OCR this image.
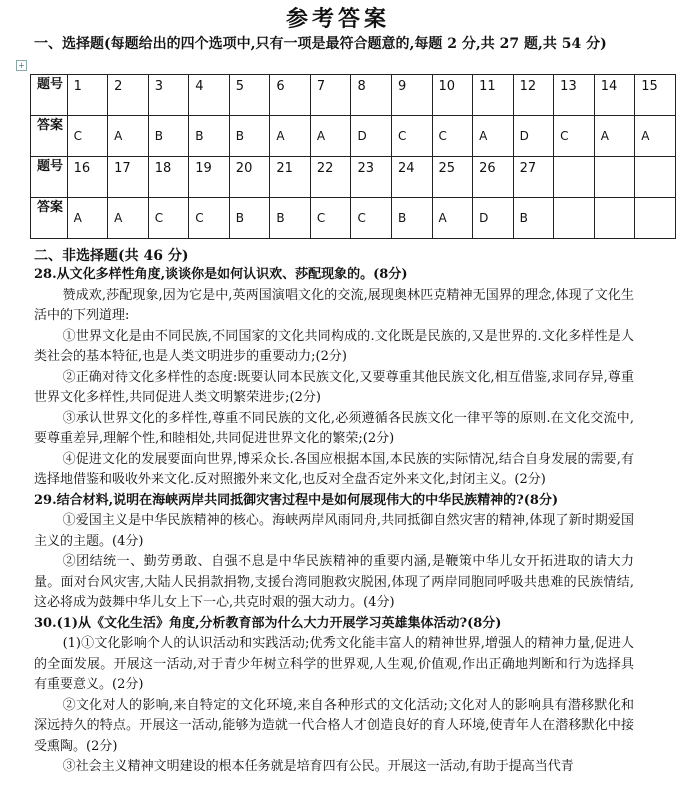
参考答案
一、选择题(每题给出的四个选项中,只有一项是最符合题意的,每题 2 分,共 27 题,共 54 分)
+
题号	1	2	3	4	5	6	7	8	9	10	11	12	13	14	15
答案	C	A	B	B	B	A	A	D	C	C	A	D	C	A	A
题号	16	17	18	19	20	21	22	23	24	25	26	27			
答案	A	A	C	C	B	B	C	C	B	A	D	B			
二、非选择题(共 46 分)

28.从文化多样性角度,谈谈你是如何认识欢、莎配现象的。(8分)

赞成欢,莎配现象,因为它是中,英两国演唱文化的交流,展现奥林匹克精神无国界的理念,体现了文化生活中的下列道理:

①世界文化是由不同民族,不同国家的文化共同构成的.文化既是民族的,又是世界的.文化多样性是人类社会的基本特征,也是人类文明进步的重要动力;(2分)

②正确对待文化多样性的态度:既要认同本民族文化,又要尊重其他民族文化,相互借鉴,求同存异,尊重世界文化多样性,共同促进人类文明繁荣进步;(2分)

③承认世界文化的多样性,尊重不同民族的文化,必须遵循各民族文化一律平等的原则.在文化交流中,要尊重差异,理解个性,和睦相处,共同促进世界文化的繁荣;(2分)

④促进文化的发展要面向世界,博采众长.各国应根据本国,本民族的实际情况,结合自身发展的需要,有选择地借鉴和吸收外来文化.反对照搬外来文化,也反对全盘否定外来文化,封闭主义。(2分)

29.结合材料,说明在海峡两岸共同抵御灾害过程中是如何展现伟大的中华民族精神的?(8分)

①爱国主义是中华民族精神的核心。海峡两岸风雨同舟,共同抵御自然灾害的精神,体现了新时期爱国主义的主题。(4分)

②团结统一、勤劳勇敢、自强不息是中华民族精神的重要内涵,是鞭策中华儿女开拓进取的请大力量。面对台风灾害,大陆人民捐款捐物,支援台湾同胞救灾脱困,体现了两岸同胞同呼吸共患难的民族情结,这必将成为鼓舞中华儿女上下一心,共克时艰的强大动力。(4分)

30.(1)从《文化生活》角度,分析教育部为什么大力开展学习英雄集体活动?(8分)

(1)①文化影响个人的认识活动和实践活动;优秀文化能丰富人的精神世界,增强人的精神力量,促进人的全面发展。开展这一活动,对于青少年树立科学的世界观,人生观,价值观,作出正确地判断和行为选择具有重要意义。(2分)

②文化对人的影响,来自特定的文化环境,来自各种形式的文化活动;文化对人的影响具有潜移默化和深远持久的特点。开展这一活动,能够为造就一代合格人才创造良好的育人环境,使青年人在潜移默化中接受熏陶。(2分)

③社会主义精神文明建设的根本任务就是培育四有公民。开展这一活动,有助于提高当代青
